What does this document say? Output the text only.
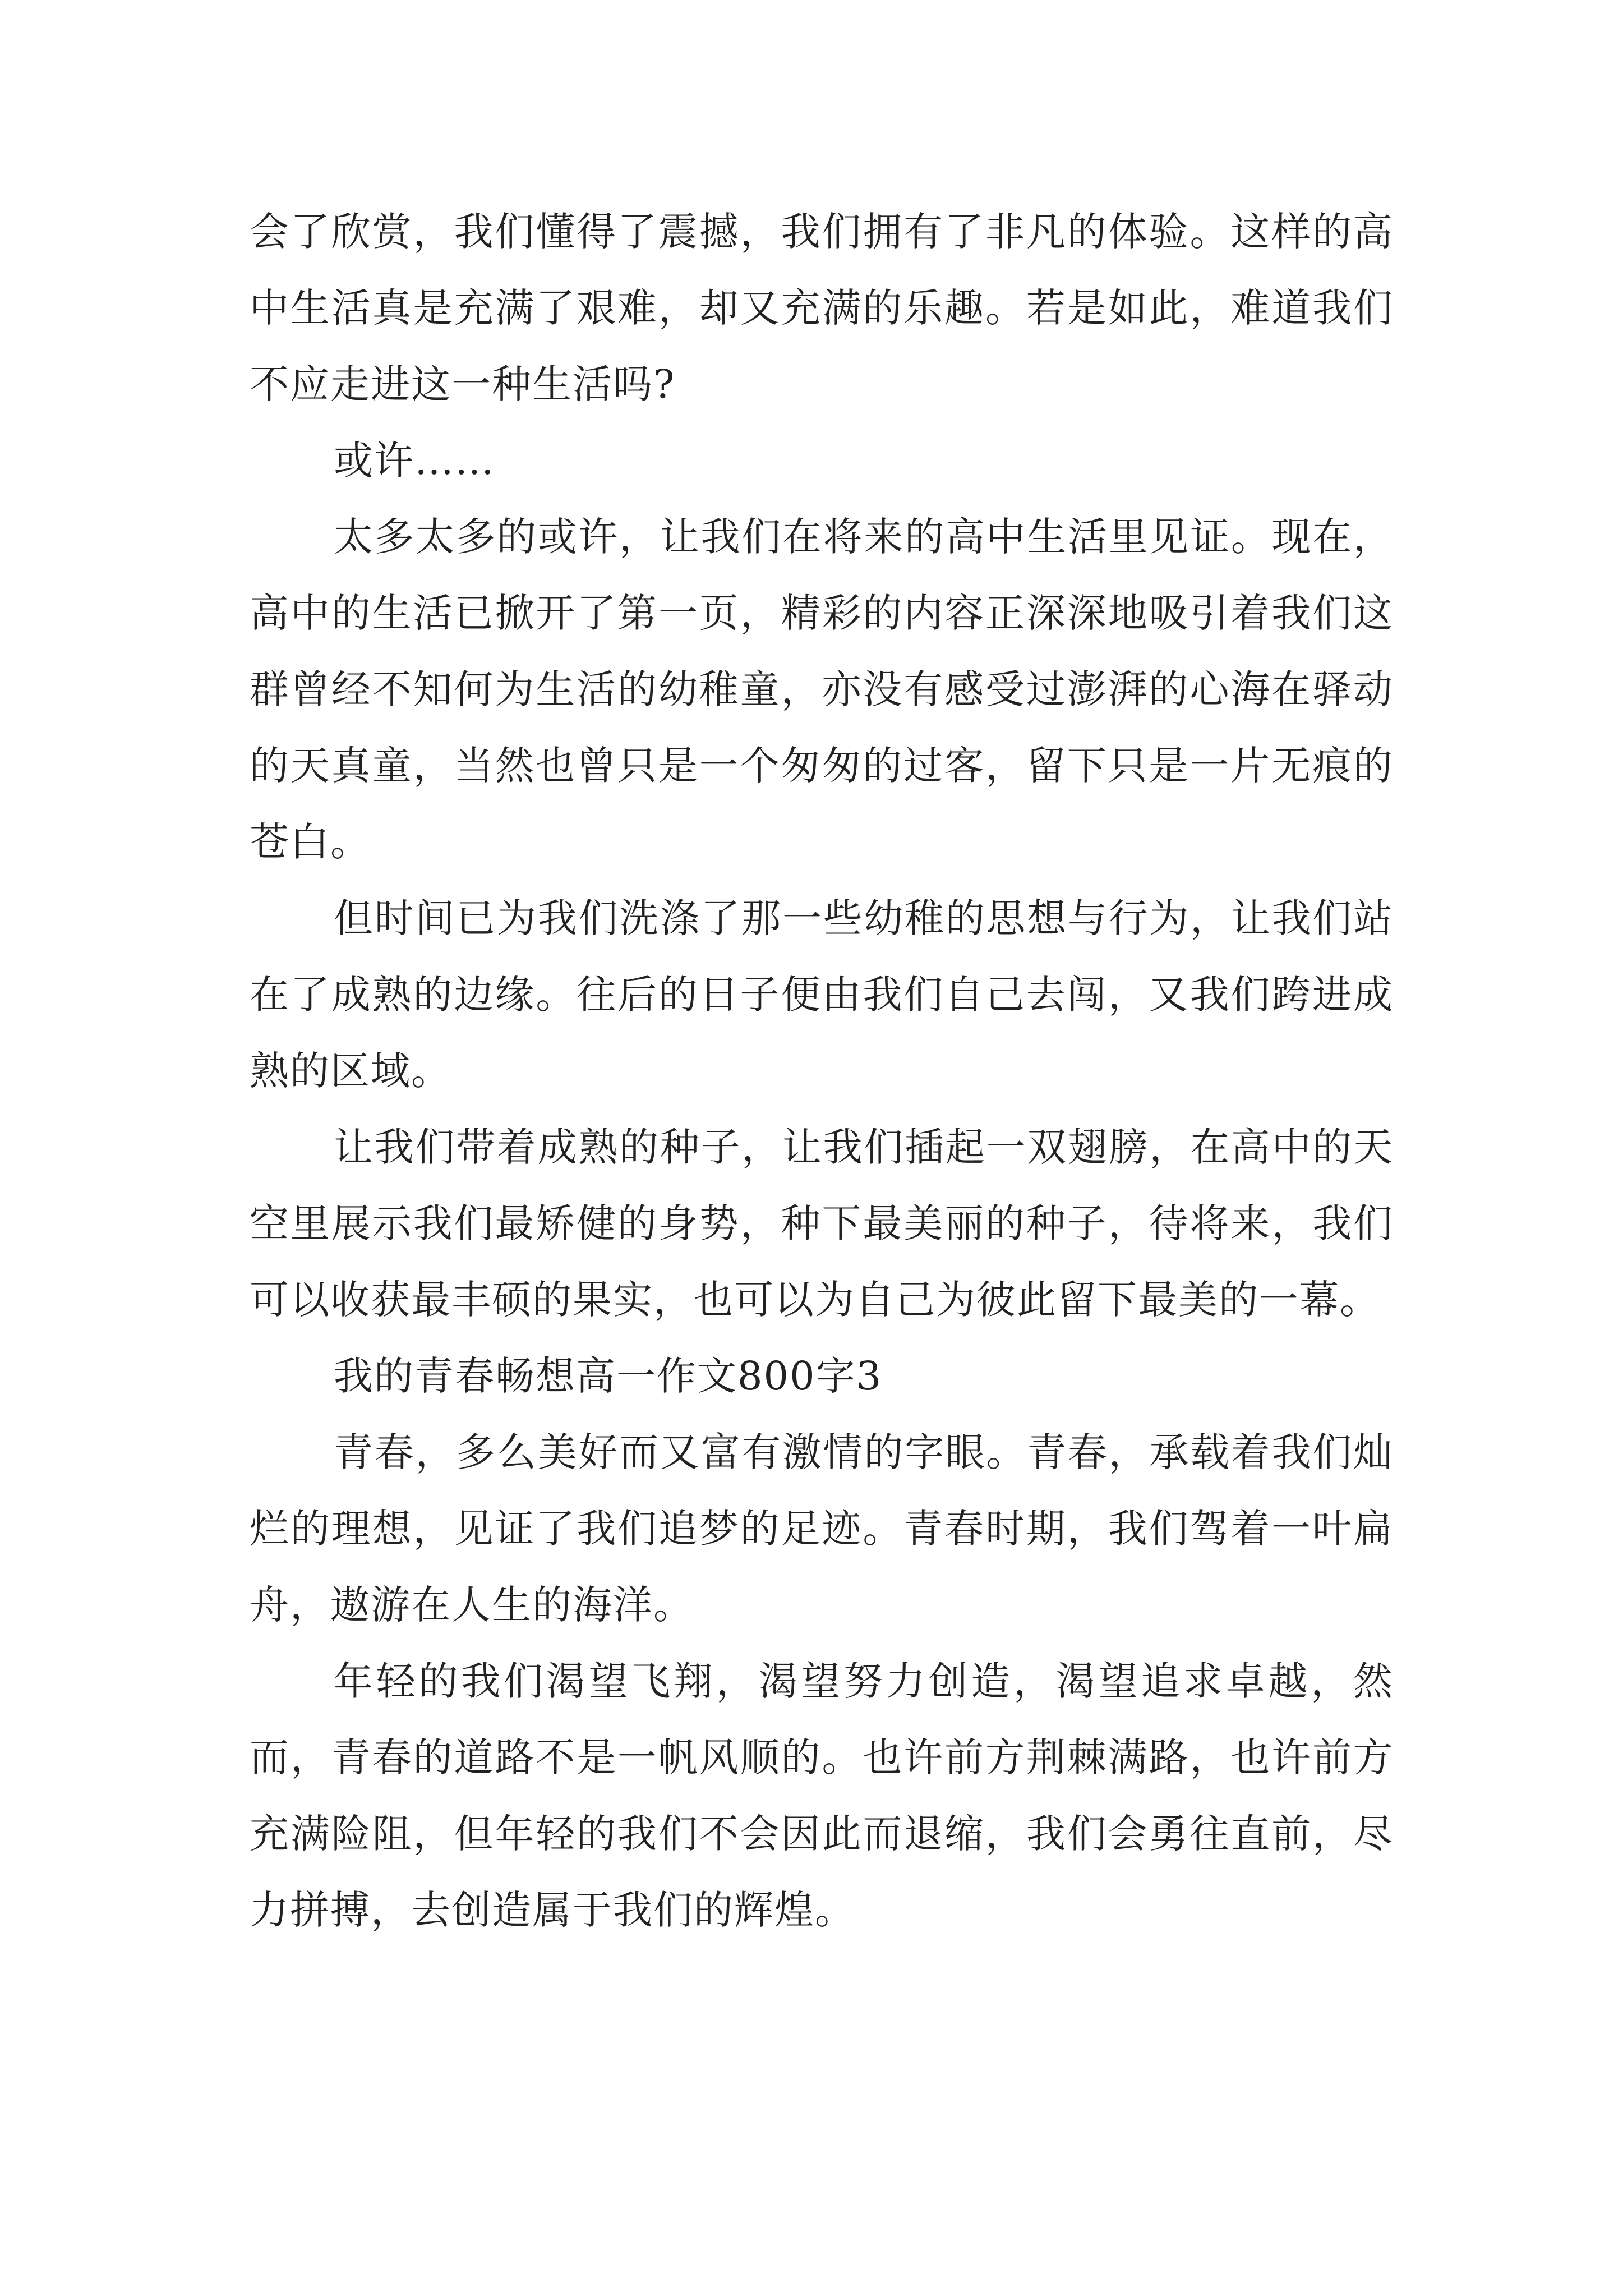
会了欣赏，我们懂得了震撼，我们拥有了非凡的体验。这样的高中生活真是充满了艰难，却又充满的乐趣。若是如此，难道我们不应走进这一种生活吗?

或许……

太多太多的或许，让我们在将来的高中生活里见证。现在，高中的生活已掀开了第一页，精彩的内容正深深地吸引着我们这群曾经不知何为生活的幼稚童，亦没有感受过澎湃的心海在驿动的天真童，当然也曾只是一个匆匆的过客，留下只是一片无痕的苍白。

但时间已为我们洗涤了那一些幼稚的思想与行为，让我们站在了成熟的边缘。往后的日子便由我们自己去闯，又我们跨进成熟的区域。

让我们带着成熟的种子，让我们插起一双翅膀，在高中的天空里展示我们最矫健的身势，种下最美丽的种子，待将来，我们可以收获最丰硕的果实，也可以为自己为彼此留下最美的一幕。

我的青春畅想高一作文800字3

青春，多么美好而又富有激情的字眼。青春，承载着我们灿烂的理想，见证了我们追梦的足迹。青春时期，我们驾着一叶扁舟，遨游在人生的海洋。

年轻的我们渴望飞翔，渴望努力创造，渴望追求卓越，然而，青春的道路不是一帆风顺的。也许前方荆棘满路，也许前方充满险阻，但年轻的我们不会因此而退缩，我们会勇往直前，尽力拼搏，去创造属于我们的辉煌。
